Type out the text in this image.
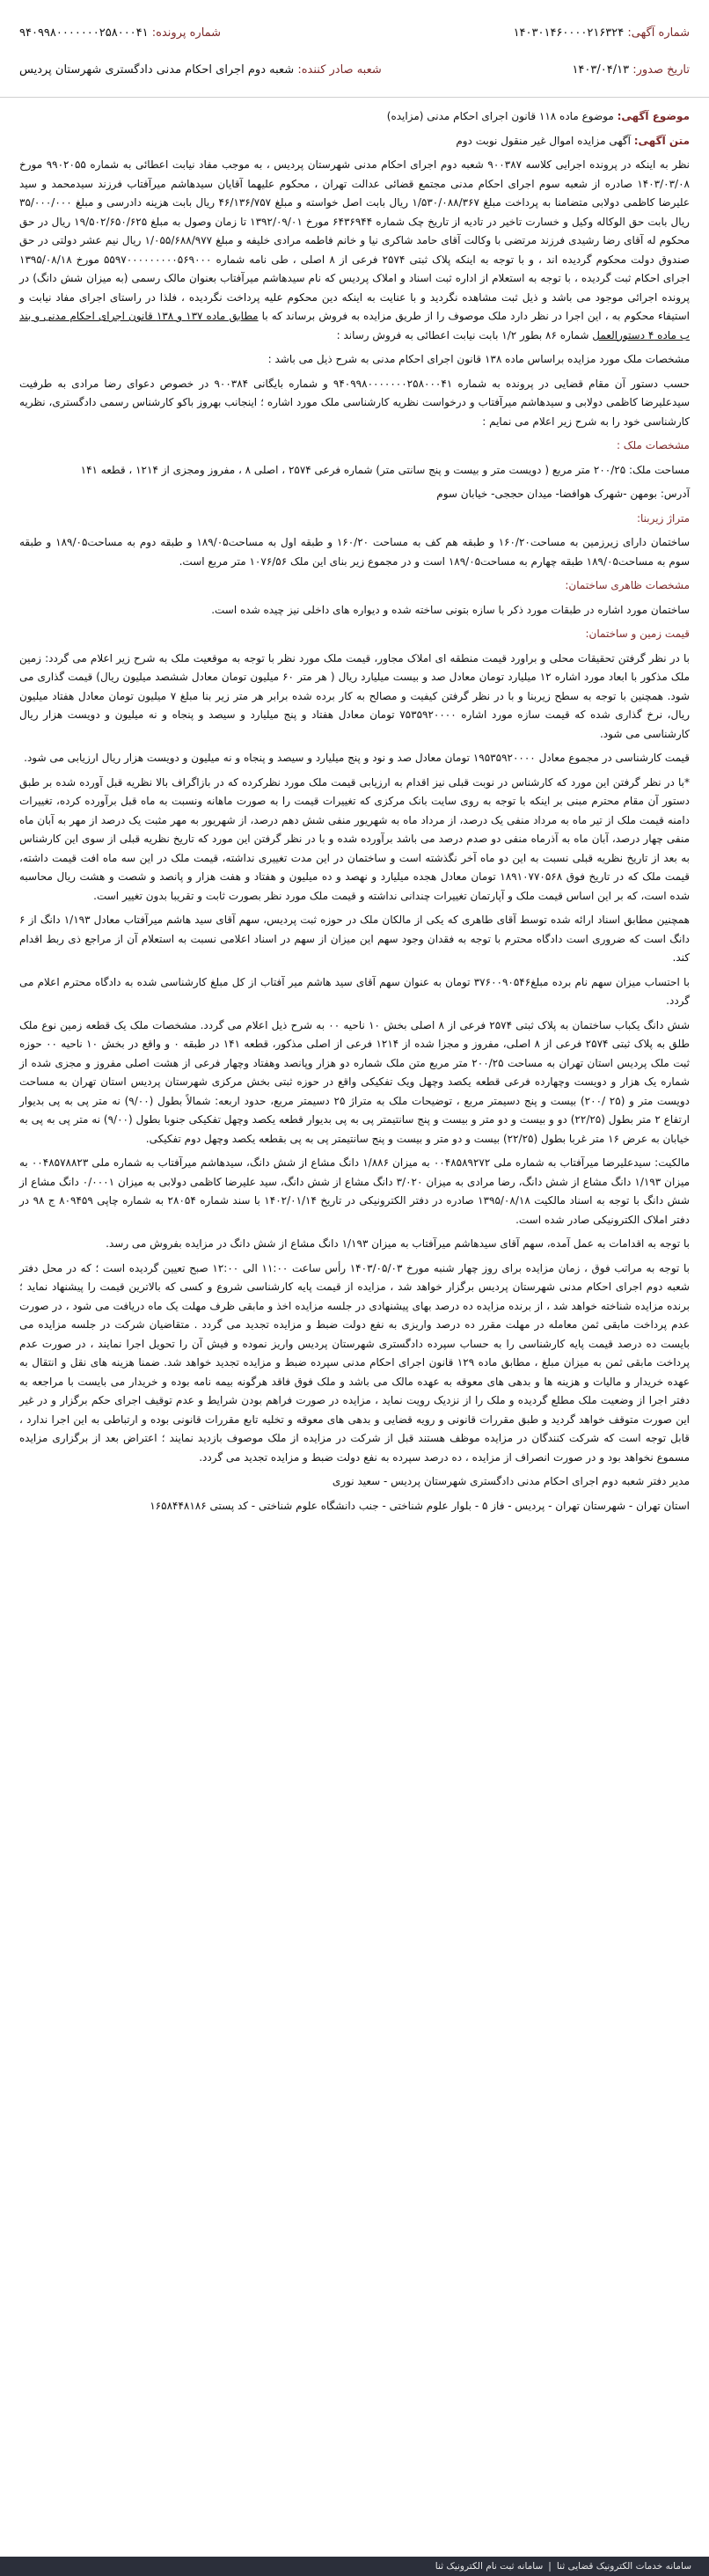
شماره آگهی: ۱۴۰۳۰۱۴۶۰۰۰۰۲۱۶۳۲۴
شماره پرونده: ۹۴۰۹۹۸۰۰۰۰۰۰۰۲۵۸۰۰۰۴۱
تاریخ صدور: ۱۴۰۳/۰۴/۱۳
شعبه صادر کننده: شعبه دوم اجرای احکام مدنی دادگستری شهرستان پردیس

موضوع آگهی: موضوع ماده ۱۱۸ قانون اجرای احکام مدنی (مزایده)

متن آگهی: آگهی مزایده اموال غیر منقول نوبت دوم

نظر به اینکه در پرونده اجرایی کلاسه ۹۰۰۳۸۷ شعبه دوم اجرای احکام مدنی شهرستان پردیس ، به موجب مفاد نیابت اعطائی به شماره ۹۹۰۲۰۵۵ مورخ ۱۴۰۳/۰۳/۰۸ صادره از شعبه سوم اجرای احکام مدنی مجتمع قضائی عدالت تهران ، محکوم علیهما آقایان سیدهاشم میرآفتاب فرزند سیدمحمد و سید علیرضا کاظمی دولابی متضامنا به پرداخت مبلغ ۱/۵۳۰/۰۸۸/۳۶۷ ریال بابت اصل خواسته و مبلغ ۴۶/۱۳۶/۷۵۷ ریال بابت هزینه دادرسی و مبلغ ۳۵/۰۰۰/۰۰۰ ریال بابت حق الوکاله وکیل و خسارت تاخیر در تادیه از تاریخ چک شماره ۶۴۳۶۹۴۴ مورخ ۱۳۹۲/۰۹/۰۱ تا زمان وصول به مبلغ ۱۹/۵۰۲/۶۵۰/۶۲۵ ریال در حق محکوم له آقای رضا رشیدی فرزند مرتضی با وکالت آقای حامد شاکری نیا و خانم فاطمه مرادی خلیفه و مبلغ ۱/۰۵۵/۶۸۸/۹۷۷ ریال نیم عشر دولتی در حق صندوق دولت محکوم گردیده اند ، و با توجه به اینکه پلاک ثبتی ۲۵۷۴ فرعی از ۸ اصلی ، طی نامه شماره ۵۵۹۷۰۰۰۰۰۰۰۰۰۵۶۹۰۰۰ مورخ ۱۳۹۵/۰۸/۱۸ اجرای احکام ثبت گردیده ، با توجه به استعلام از اداره ثبت اسناد و املاک پردیس که نام سیدهاشم میرآفتاب بعنوان مالک رسمی (به میزان شش دانگ) در پرونده اجرائی موجود می باشد و ذیل ثبت مشاهده نگردید و با عنایت به اینکه دین محکوم علیه پرداخت نگردیده ، فلذا در راستای اجرای مفاد نیابت و استیفاء محکوم به ، این اجرا در نظر دارد ملک موصوف را از طریق مزایده به فروش برساند که با مطابق ماده ۱۳۷ و ۱۳۸ قانون اجرای احکام مدنی و بند ب ماده ۴ دستورالعمل شماره ۸۶ بطور ۱/۲ بابت نیابت اعطائی به فروش رساند :

مشخصات ملک مورد مزایده براساس ماده ۱۳۸ قانون اجرای احکام مدنی به شرح ذیل می باشد :

حسب دستور آن مقام قضایی در پرونده به شماره ۹۴۰۹۹۸۰۰۰۰۰۰۰۲۵۸۰۰۰۴۱ و شماره بایگانی ۹۰۰۳۸۴ در خصوص دعوای رضا مرادی به طرفیت سیدعلیرضا کاظمی دولابی و سیدهاشم میرآفتاب و درخواست نظریه کارشناسی ملک مورد اشاره ؛ اینجانب بهروز باکو کارشناس رسمی دادگستری، نظریه کارشناسی خود را به شرح زیر اعلام می نمایم :

مشخصات ملک :

مساحت ملک: ۲۰۰/۲۵ متر مربع ( دویست متر و بیست و پنج سانتی متر) شماره فرعی ۲۵۷۴ ، اصلی ۸ ، مفروز ومجزی از ۱۲۱۴ ، قطعه ۱۴۱

آدرس: بومهن -شهرک هوافضا- میدان حججی- خیابان سوم

متراژ زیربنا:

ساختمان دارای زیرزمین به مساحت۱۶۰/۲۰ و طبقه هم کف به مساحت ۱۶۰/۲۰ و طبقه اول به مساحت۱۸۹/۰۵ و طبقه دوم به مساحت۱۸۹/۰۵ و طبقه سوم به مساحت۱۸۹/۰۵ طبقه چهارم به مساحت۱۸۹/۰۵ است و در مجموع زیر بنای این ملک ۱۰۷۶/۵۶ متر مربع است.

مشخصات ظاهری ساختمان:

ساختمان مورد اشاره در طبقات مورد ذکر با سازه بتونی ساخته شده و دیواره های داخلی نیز چیده شده است.

قیمت زمین و ساختمان:

با در نظر گرفتن تحقیقات محلی و براورد قیمت منطقه ای املاک مجاور، قیمت ملک مورد نظر با توجه به موقعیت ملک به شرح زیر اعلام می گردد: زمین ملک مذکور با ابعاد مورد اشاره ۱۲ میلیارد تومان معادل صد و بیست میلیارد ریال ( هر متر ۶۰ میلیون تومان معادل ششصد میلیون ریال) قیمت گذاری می شود. همچنین با توجه به سطح زیربنا و با در نظر گرفتن کیفیت و مصالح به کار برده شده برابر هر متر زیر بنا مبلغ ۷ میلیون تومان معادل هفتاد میلیون ریال، نرخ گذاری شده که قیمت سازه مورد اشاره ۷۵۳۵۹۲۰۰۰۰ تومان معادل هفتاد و پنج میلیارد و سیصد و پنجاه و نه میلیون و دویست هزار ریال کارشناسی می شود.

قیمت کارشناسی در مجموع معادل ۱۹۵۳۵۹۲۰۰۰۰ تومان معادل صد و نود و پنج میلیارد و سیصد و پنجاه و نه میلیون و دویست هزار ریال ارزیابی می شود.

*با در نظر گرفتن این مورد که کارشناس در نوبت قبلی نیز اقدام به ارزیابی قیمت ملک مورد نظرکرده که در بازاگراف بالا نظریه قبل آورده شده بر طبق دستور آن مقام محترم مبنی بر اینکه با توجه به روی سایت بانک مرکزی که تغییرات قیمت را به صورت ماهانه ونسبت به ماه قبل برآورده کرده، تغییرات دامنه قیمت ملک از تیر ماه به مرداد منفی یک درصد، از مرداد ماه به شهریور منفی شش دهم درصد، از شهریور به مهر مثبت یک درصد از مهر به آبان ماه منفی چهار درصد، آبان ماه به آذرماه منفی دو صدم درصد می باشد برآورده شده و با در نظر گرفتن این مورد که تاریخ نظریه قبلی از سوی این کارشناس به بعد از تاریخ نظریه قبلی نسبت به این دو ماه آخر نگذشته است و ساختمان در این مدت تغییری نداشته، قیمت ملک در این سه ماه افت قیمت داشته، قیمت ملک که در تاریخ فوق ۱۸۹۱۰۷۷۰۵۶۸ تومان معادل هجده میلیارد و نهصد و ده میلیون و هفتاد و هفت هزار و پانصد و شصت و هشت ریال محاسبه شده است، که بر این اساس قیمت ملک و آپارتمان تغییرات چندانی نداشته و قیمت ملک مورد نظر بصورت ثابت و تقریبا بدون تغییر است.

همچنین مطابق اسناد ارائه شده توسط آقای طاهری که یکی از مالکان ملک در حوزه ثبت پردیس، سهم آقای سید هاشم میرآفتاب معادل ۱/۱۹۳ دانگ از ۶ دانگ است که ضروری است دادگاه محترم با توجه به فقدان وجود سهم این میزان از سهم در اسناد اعلامی نسبت به استعلام آن از مراجع ذی ربط اقدام کند.

با احتساب میزان سهم نام برده مبلغ۳۷۶۰۰۹۰۵۴۶ تومان به عنوان سهم آقای سید هاشم میر آفتاب از کل مبلغ کارشناسی شده به دادگاه محترم اعلام می گردد.

شش دانگ یکباب ساختمان به پلاک ثبتی ۲۵۷۴ فرعی از ۸ اصلی بخش ۱۰ ناحیه ۰۰ به شرح ذیل اعلام می گردد. مشخصات ملک یک قطعه زمین نوع ملک طلق به پلاک ثبتی ۲۵۷۴ فرعی از ۸ اصلی، مفروز و مجزا شده از ۱۲۱۴ فرعی از اصلی مذکور، قطعه ۱۴۱ در طبقه ۰ و واقع در بخش ۱۰ ناحیه ۰۰ حوزه ثبت ملک پردیس استان تهران به مساحت ۲۰۰/۲۵ متر مربع متن ملک شماره دو هزار وپانصد وهفتاد وچهار فرعی از هشت اصلی مفروز و مجزی شده از شماره یک هزار و دویست وچهارده فرعی قطعه یکصد وچهل ویک تفکیکی واقع در حوزه ثبتی بخش مرکزی شهرستان پردیس استان تهران به مساحت دویست متر و (۲۵ /۲۰۰) بیست و پنج دسیمتر مربع ، توضیحات ملک به متراژ ۲۵ دسیمتر مربع، حدود اربعه: شمالاً بطول (۹/۰۰) نه متر پی به پی بدیوار ارتفاع ۲ متر بطول (۲۲/۲۵) دو و بیست و دو متر و بیست و پنج سانتیمتر پی به پی بدیوار قطعه یکصد وچهل تفکیکی جنوبا بطول (۹/۰۰) نه متر پی به پی به خیابان به عرض ۱۶ متر غربا بطول (۲۲/۲۵) بیست و دو متر و بیست و پنج سانتیمتر پی به پی بقطعه یکصد وچهل دوم تفکیکی.

مالکیت: سیدعلیرضا میرآفتاب به شماره ملی ۰۰۴۸۵۸۹۲۷۲ به میزان ۱/۸۸۶ دانگ مشاع از شش دانگ، سیدهاشم میرآفتاب به شماره ملی ۰۰۴۸۵۷۸۸۲۳ به میزان ۱/۱۹۳ دانگ مشاع از شش دانگ، رضا مرادی به میزان ۳/۰۲۰ دانگ مشاع از شش دانگ، سید علیرضا کاظمی دولابی به میزان ۰/۰۰۰۱ دانگ مشاع از شش دانگ با توجه به اسناد مالکیت ۱۳۹۵/۰۸/۱۸ صادره در دفتر الکترونیکی در تاریخ ۱۴۰۲/۰۱/۱۴ با سند شماره ۲۸۰۵۴ به شماره چاپی ۸۰۹۴۵۹ ج ۹۸ در دفتر املاک الکترونیکی صادر شده است.

با توجه به اقدامات به عمل آمده، سهم آقای سیدهاشم میرآفتاب به میزان ۱/۱۹۳ دانگ مشاع از شش دانگ در مزایده بفروش می رسد.

با توجه به مراتب فوق ، زمان مزایده برای روز چهار شنبه مورخ ۱۴۰۳/۰۵/۰۳ رأس ساعت ۱۱:۰۰ الی ۱۲:۰۰ صبح تعیین گردیده است ؛ که در محل دفتر شعبه دوم اجرای احکام مدنی شهرستان پردیس برگزار خواهد شد ، مزایده از قیمت پایه کارشناسی شروع و کسی که بالاترین قیمت را پیشنهاد نماید ؛ برنده مزایده شناخته خواهد شد ، از برنده مزایده ده درصد بهای پیشنهادی در جلسه مزایده اخذ و مابقی ظرف مهلت یک ماه دریافت می شود ، در صورت عدم پرداخت مابقی ثمن معامله در مهلت مقرر ده درصد واریزی به نفع دولت ضبط و مزایده تجدید می گردد . متقاضیان شرکت در جلسه مزایده می بایست ده درصد قیمت پایه کارشناسی را به حساب سپرده دادگستری شهرستان پردیس واریز نموده و فیش آن را تحویل اجرا نمایند ، در صورت عدم پرداخت مابقی ثمن به میزان مبلغ ، مطابق ماده ۱۲۹ قانون اجرای احکام مدنی سپرده ضبط و مزایده تجدید خواهد شد. ضمنا هزینه های نقل و انتقال به عهده خریدار و مالیات و هزینه ها و بدهی های معوقه به عهده مالک می باشد و ملک فوق فاقد هرگونه بیمه نامه بوده و خریدار می بایست با مراجعه به دفتر اجرا از وضعیت ملک مطلع گردیده و ملک را از نزدیک رویت نماید ، مزایده در صورت فراهم بودن شرایط و عدم توقیف اجرای حکم برگزار و در غیر این صورت متوقف خواهد گردید و طبق مقررات قانونی و رویه قضایی و بدهی های معوقه و تخلیه تابع مقررات قانونی بوده و ارتباطی به این اجرا ندارد ، قابل توجه است که شرکت کنندگان در مزایده موظف هستند قبل از شرکت در مزایده از ملک موصوف بازدید نمایند ؛ اعتراض بعد از برگزاری مزایده مسموع نخواهد بود و در صورت انصراف از مزایده ، ده درصد سپرده به نفع دولت ضبط و مزایده تجدید می گردد.

مدیر دفتر شعبه دوم اجرای احکام مدنی دادگستری شهرستان پردیس - سعید نوری

استان تهران - شهرستان تهران - پردیس - فاز ۵ - بلوار علوم شناختی - جنب دانشگاه علوم شناختی - کد پستی ۱۶۵۸۴۴۸۱۸۶

سامانه خدمات الکترونیک قضایی ثنا
|
سامانه ثبت نام الکترونیک ثنا
